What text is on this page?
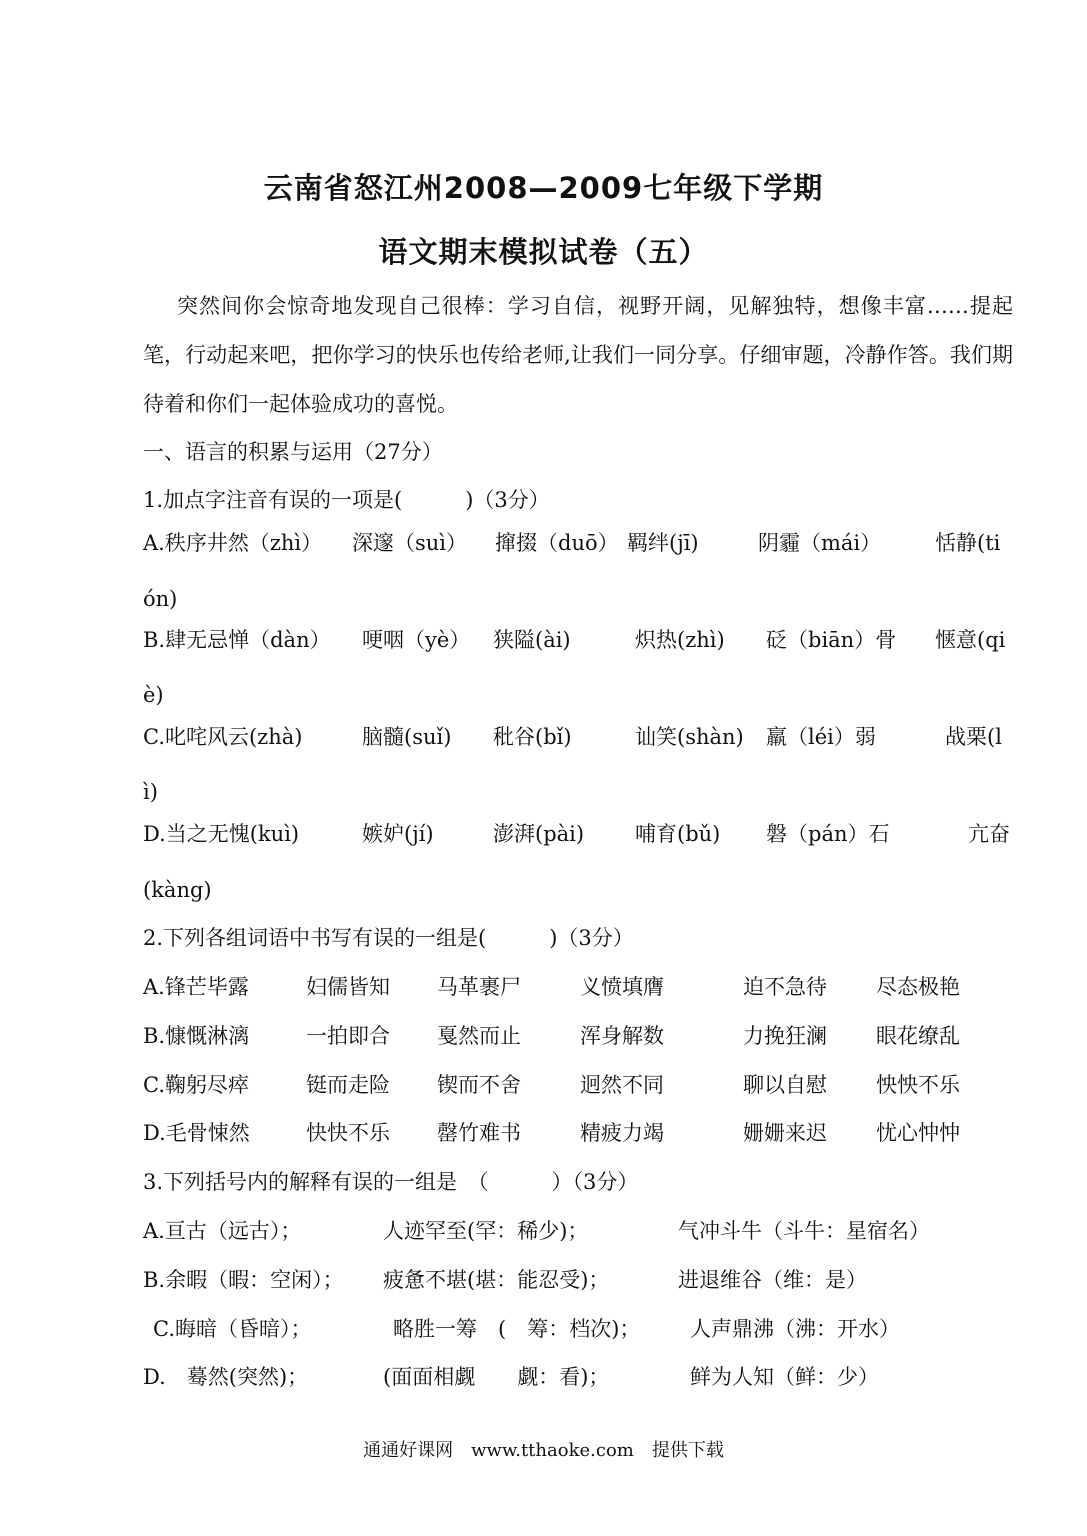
云南省怒江州2008—2009七年级下学期
语文期末模拟试卷（五）
突然间你会惊奇地发现自己很棒：学习自信，视野开阔，见解独特，想像丰富……提起笔，行动起来吧，把你学习的快乐也传给老师,让我们一同分享。仔细审题，冷静作答。我们期待着和你们一起体验成功的喜悦。
一、语言的积累与运用（27分）
1.加点字注音有误的一项是(　　　)（3分）
A.秩序井然（zhì） 深邃（suì） 撺掇（duō） 羁绊(jī)	阴霾（mái）	恬静(ti
ón)
B.肆无忌惮（dàn） 哽咽（yè） 狭隘(ài)	炽热(zhì) 砭（biān）骨 惬意(qi
è)
C.叱咤风云(zhà)	脑髓(suǐ) 秕谷(bǐ)	讪笑(shàn) 羸（léi）弱	战栗(l
ì)
D.当之无愧(kuì)	嫉妒(jí)	澎湃(pài) 哺育(bǔ) 磐（pán）石	亢奋
(kàng)
2.下列各组词语中书写有误的一组是(　　　)（3分）
A.锋芒毕露	妇儒皆知 马革裹尸	义愤填膺	迫不急待 尽态极艳
B.慷慨淋漓	一拍即合 戛然而止	浑身解数	力挽狂澜 眼花缭乱
C.鞠躬尽瘁	铤而走险 锲而不舍	迥然不同	聊以自慰 怏怏不乐
D.毛骨悚然	快快不乐 罄竹难书	精疲力竭	姗姗来迟 忧心忡忡
3.下列括号内的解释有误的一组是　（　　　）（3分）
A.亘古（远古）；	人迹罕至(罕：稀少)；	气冲斗牛（斗牛：星宿名）
B.余暇（暇：空闲）； 疲惫不堪(堪：能忍受)；	进退维谷（维：是）
C.晦暗（昏暗）；	略胜一筹　(　筹：档次)； 人声鼎沸（沸：开水）
D.　蓦然(突然)；	(面面相觑　　觑：看)；	鲜为人知（鲜：少）
通通好课网　www.tthaoke.com　提供下载
